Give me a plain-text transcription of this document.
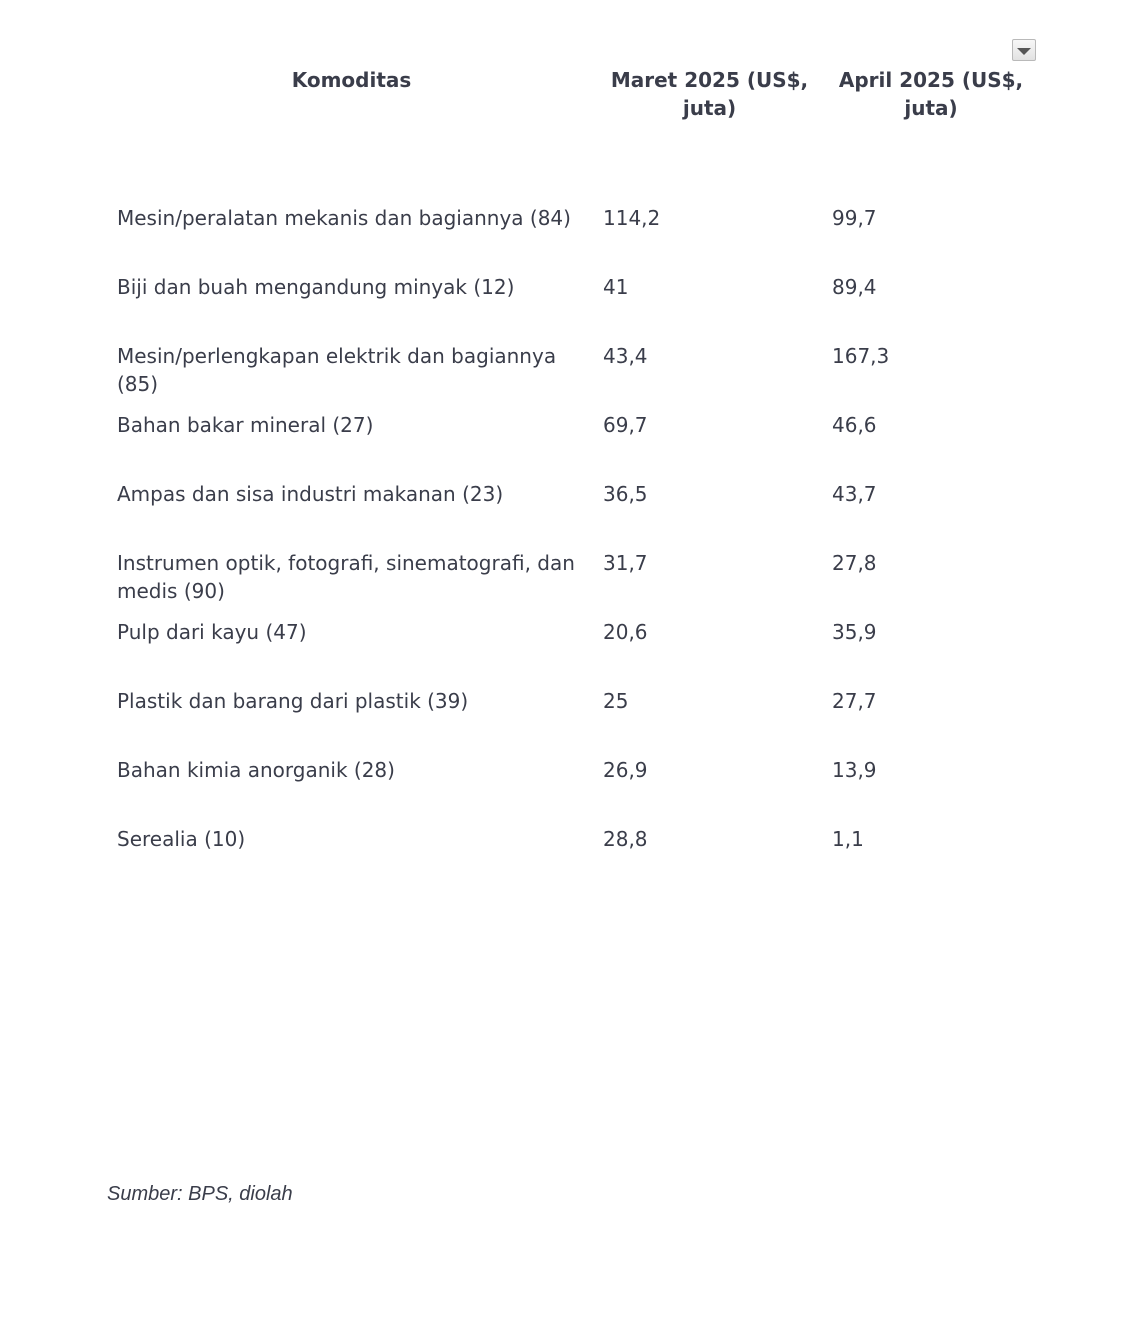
Komoditas	Maret 2025 (US$, juta)	April 2025 (US$, juta)
Mesin/peralatan mekanis dan bagiannya (84)	114,2	99,7
Biji dan buah mengandung minyak (12)	41	89,4
Mesin/perlengkapan elektrik dan bagiannya (85)	43,4	167,3
Bahan bakar mineral (27)	69,7	46,6
Ampas dan sisa industri makanan (23)	36,5	43,7
Instrumen optik, fotografi, sinematografi, dan medis (90)	31,7	27,8
Pulp dari kayu (47)	20,6	35,9
Plastik dan barang dari plastik (39)	25	27,7
Bahan kimia anorganik (28)	26,9	13,9
Serealia (10)	28,8	1,1
Sumber: BPS, diolah
